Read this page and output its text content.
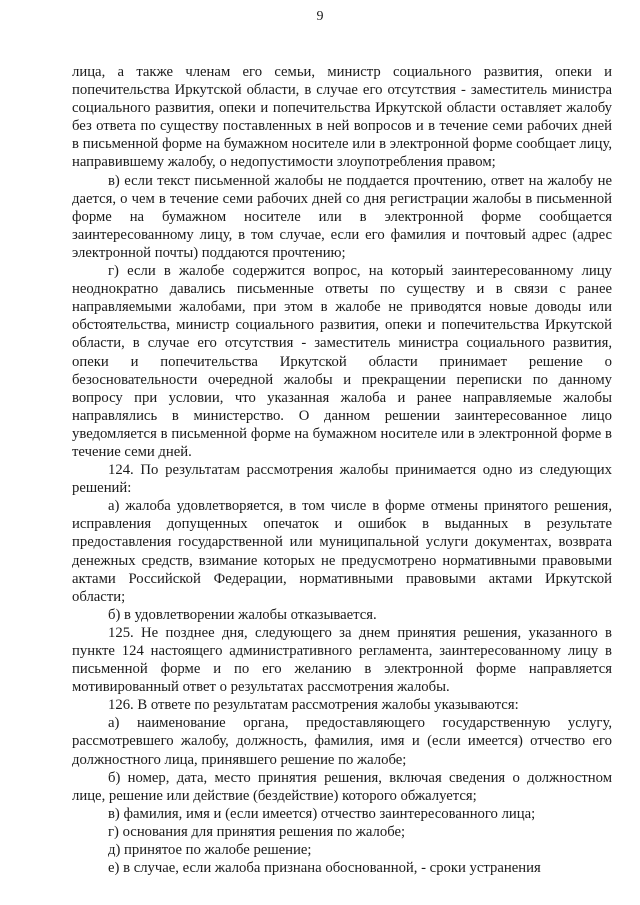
9

лица, а также членам его семьи, министр социального развития, опеки и попечительства Иркутской области, в случае его отсутствия - заместитель министра социального развития, опеки и попечительства Иркутской области оставляет жалобу без ответа по существу поставленных в ней вопросов и в течение семи рабочих дней в письменной форме на бумажном носителе или в электронной форме сообщает лицу, направившему жалобу, о недопустимости злоупотребления правом;

в) если текст письменной жалобы не поддается прочтению, ответ на жалобу не дается, о чем в течение семи рабочих дней со дня регистрации жалобы в письменной форме на бумажном носителе или в электронной форме сообщается заинтересованному лицу, в том случае, если его фамилия и почтовый адрес (адрес электронной почты) поддаются прочтению;

г) если в жалобе содержится вопрос, на который заинтересованному лицу неоднократно давались письменные ответы по существу и в связи с ранее направляемыми жалобами, при этом в жалобе не приводятся новые доводы или обстоятельства, министр социального развития, опеки и попечительства Иркутской области, в случае его отсутствия - заместитель министра социального развития, опеки и попечительства Иркутской области принимает решение о безосновательности очередной жалобы и прекращении переписки по данному вопросу при условии, что указанная жалоба и ранее направляемые жалобы направлялись в министерство. О данном решении заинтересованное лицо уведомляется в письменной форме на бумажном носителе или в электронной форме в течение семи дней.

124. По результатам рассмотрения жалобы принимается одно из следующих решений:

а) жалоба удовлетворяется, в том числе в форме отмены принятого решения, исправления допущенных опечаток и ошибок в выданных в результате предоставления государственной или муниципальной услуги документах, возврата денежных средств, взимание которых не предусмотрено нормативными правовыми актами Российской Федерации, нормативными правовыми актами Иркутской области;

б) в удовлетворении жалобы отказывается.

125. Не позднее дня, следующего за днем принятия решения, указанного в пункте 124 настоящего административного регламента, заинтересованному лицу в письменной форме и по его желанию в электронной форме направляется мотивированный ответ о результатах рассмотрения жалобы.

126. В ответе по результатам рассмотрения жалобы указываются:

а) наименование органа, предоставляющего государственную услугу, рассмотревшего жалобу, должность, фамилия, имя и (если имеется) отчество его должностного лица, принявшего решение по жалобе;

б) номер, дата, место принятия решения, включая сведения о должностном лице, решение или действие (бездействие) которого обжалуется;

в) фамилия, имя и (если имеется) отчество заинтересованного лица;

г) основания для принятия решения по жалобе;

д) принятое по жалобе решение;

е) в случае, если жалоба признана обоснованной, - сроки устранения
